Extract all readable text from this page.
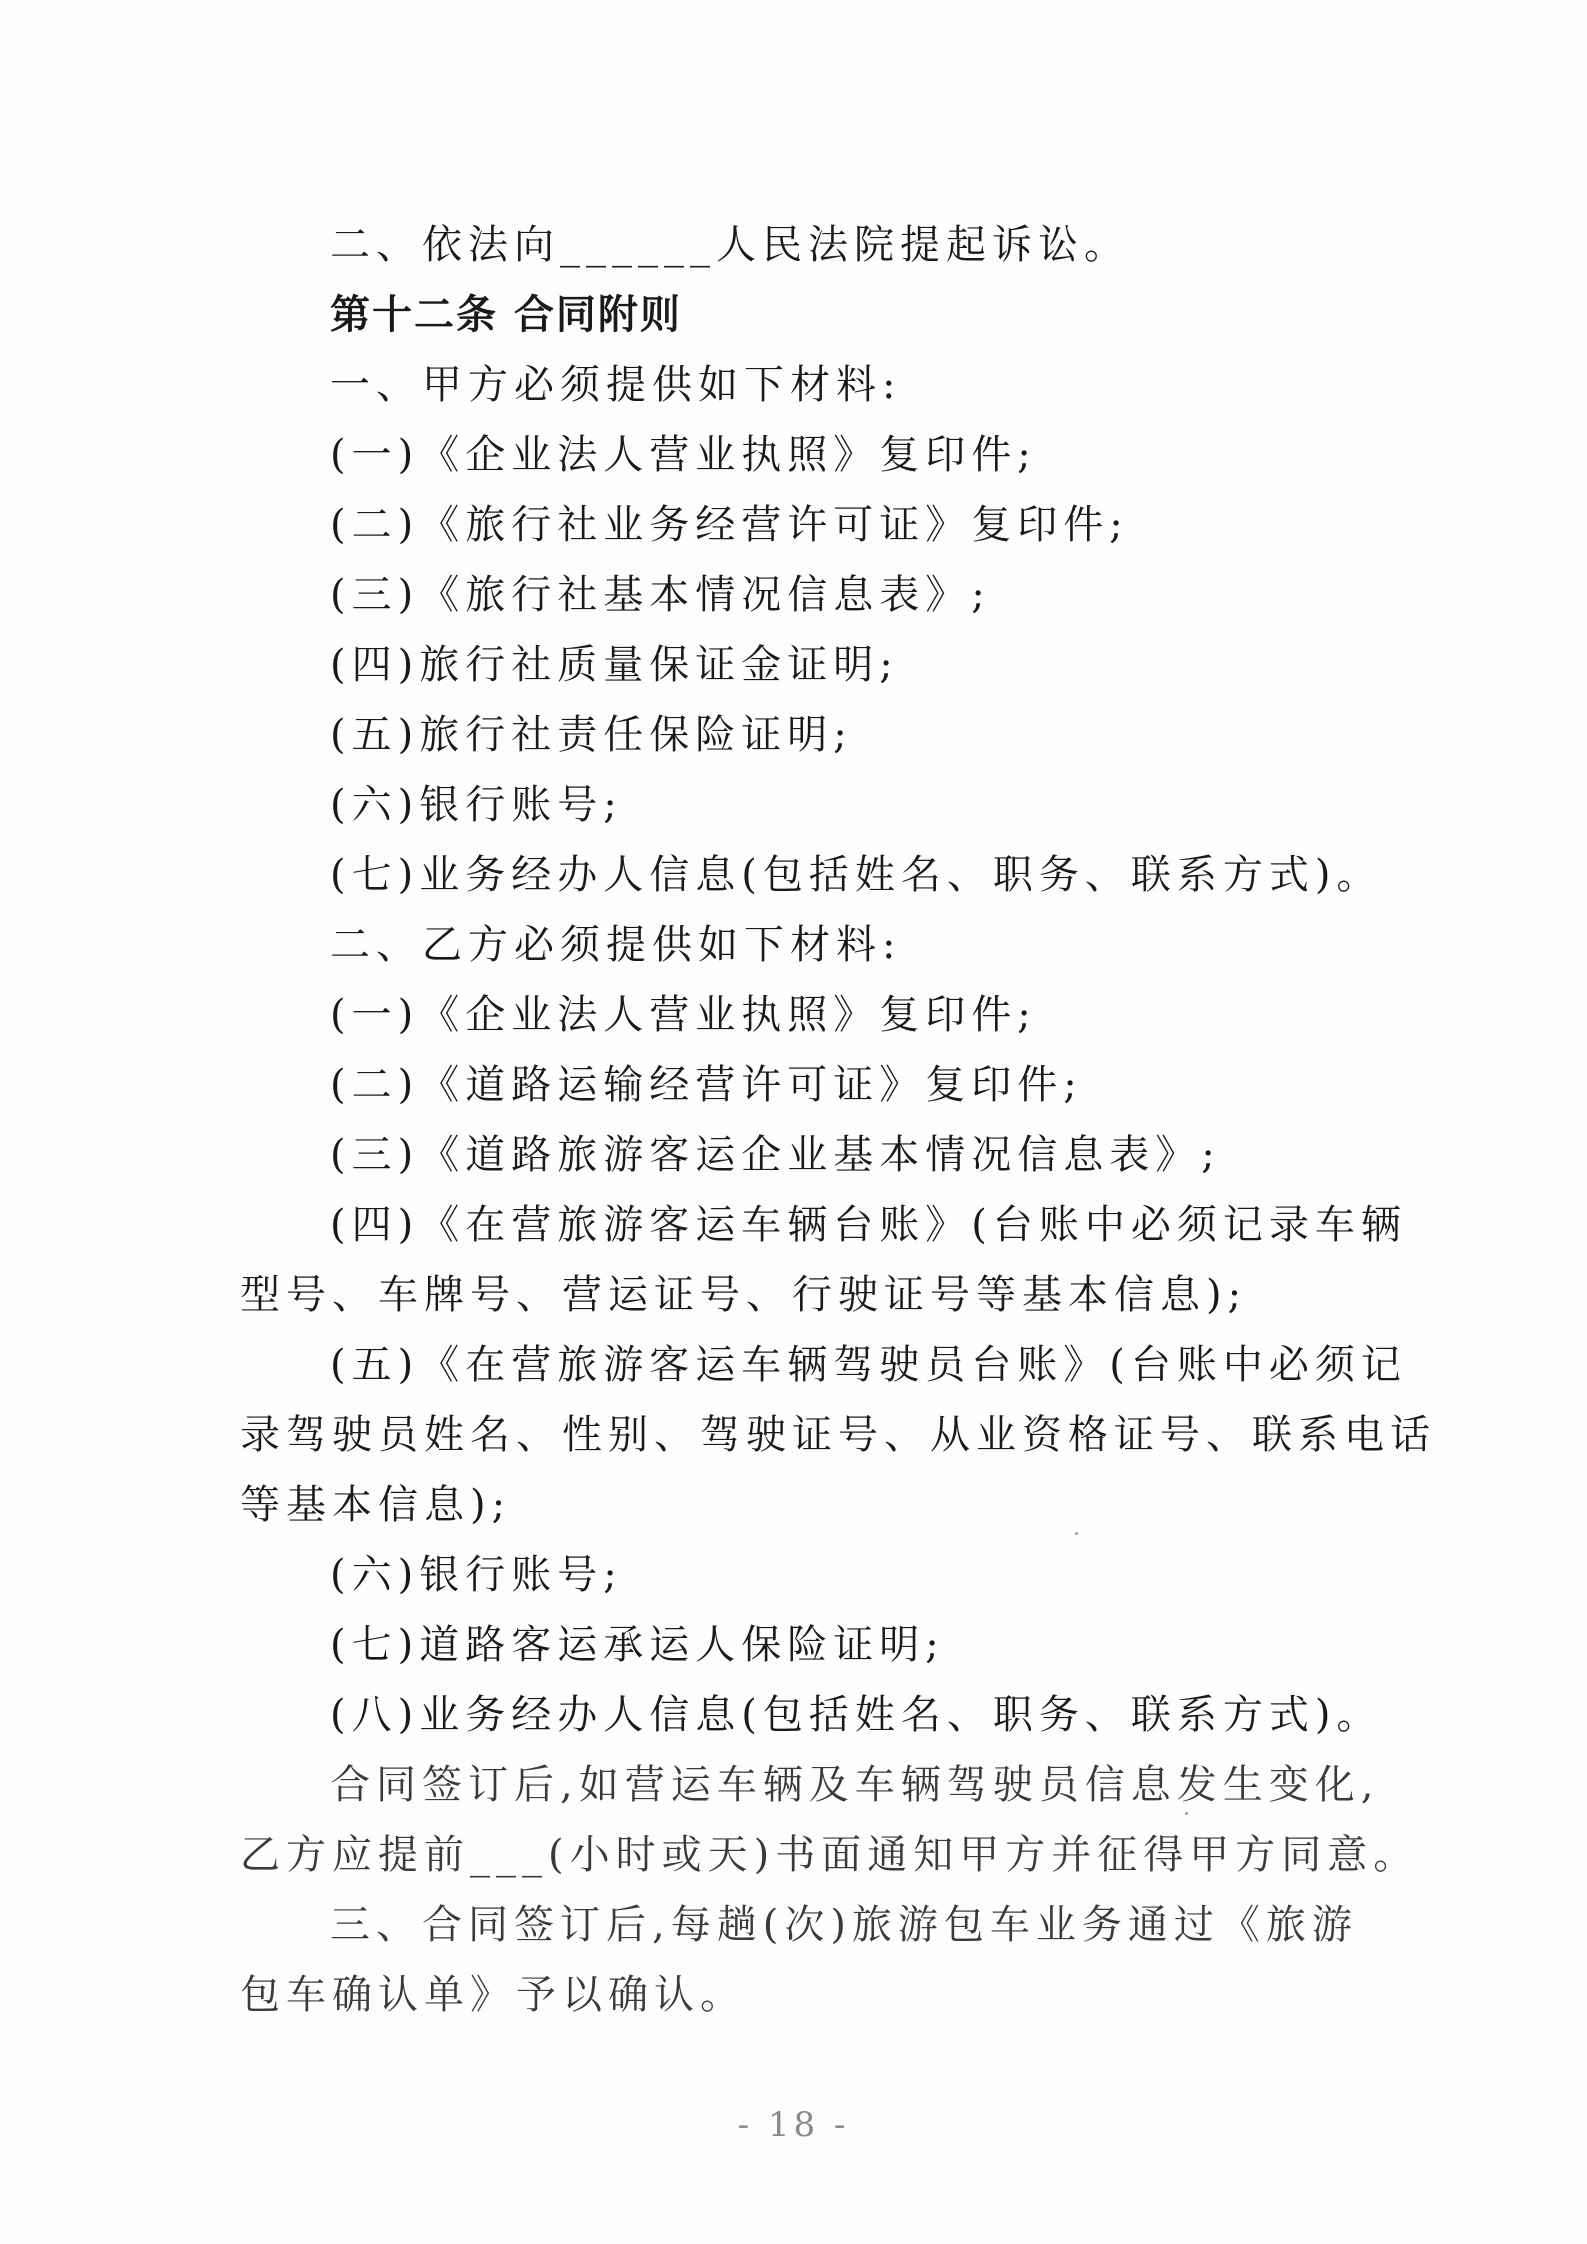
二、依法向______人民法院提起诉讼。
第十二条 合同附则
一、甲方必须提供如下材料:
(一)《企业法人营业执照》复印件;
(二)《旅行社业务经营许可证》复印件;
(三)《旅行社基本情况信息表》;
(四)旅行社质量保证金证明;
(五)旅行社责任保险证明;
(六)银行账号;
(七)业务经办人信息(包括姓名、职务、联系方式)。
二、乙方必须提供如下材料:
(一)《企业法人营业执照》复印件;
(二)《道路运输经营许可证》复印件;
(三)《道路旅游客运企业基本情况信息表》;
(四)《在营旅游客运车辆台账》(台账中必须记录车辆
型号、车牌号、营运证号、行驶证号等基本信息);
(五)《在营旅游客运车辆驾驶员台账》(台账中必须记
录驾驶员姓名、性别、驾驶证号、从业资格证号、联系电话
等基本信息);
(六)银行账号;
(七)道路客运承运人保险证明;
(八)业务经办人信息(包括姓名、职务、联系方式)。
合同签订后,如营运车辆及车辆驾驶员信息发生变化,
乙方应提前___(小时或天)书面通知甲方并征得甲方同意。
三、合同签订后,每趟(次)旅游包车业务通过《旅游
包车确认单》予以确认。
- 18 -
